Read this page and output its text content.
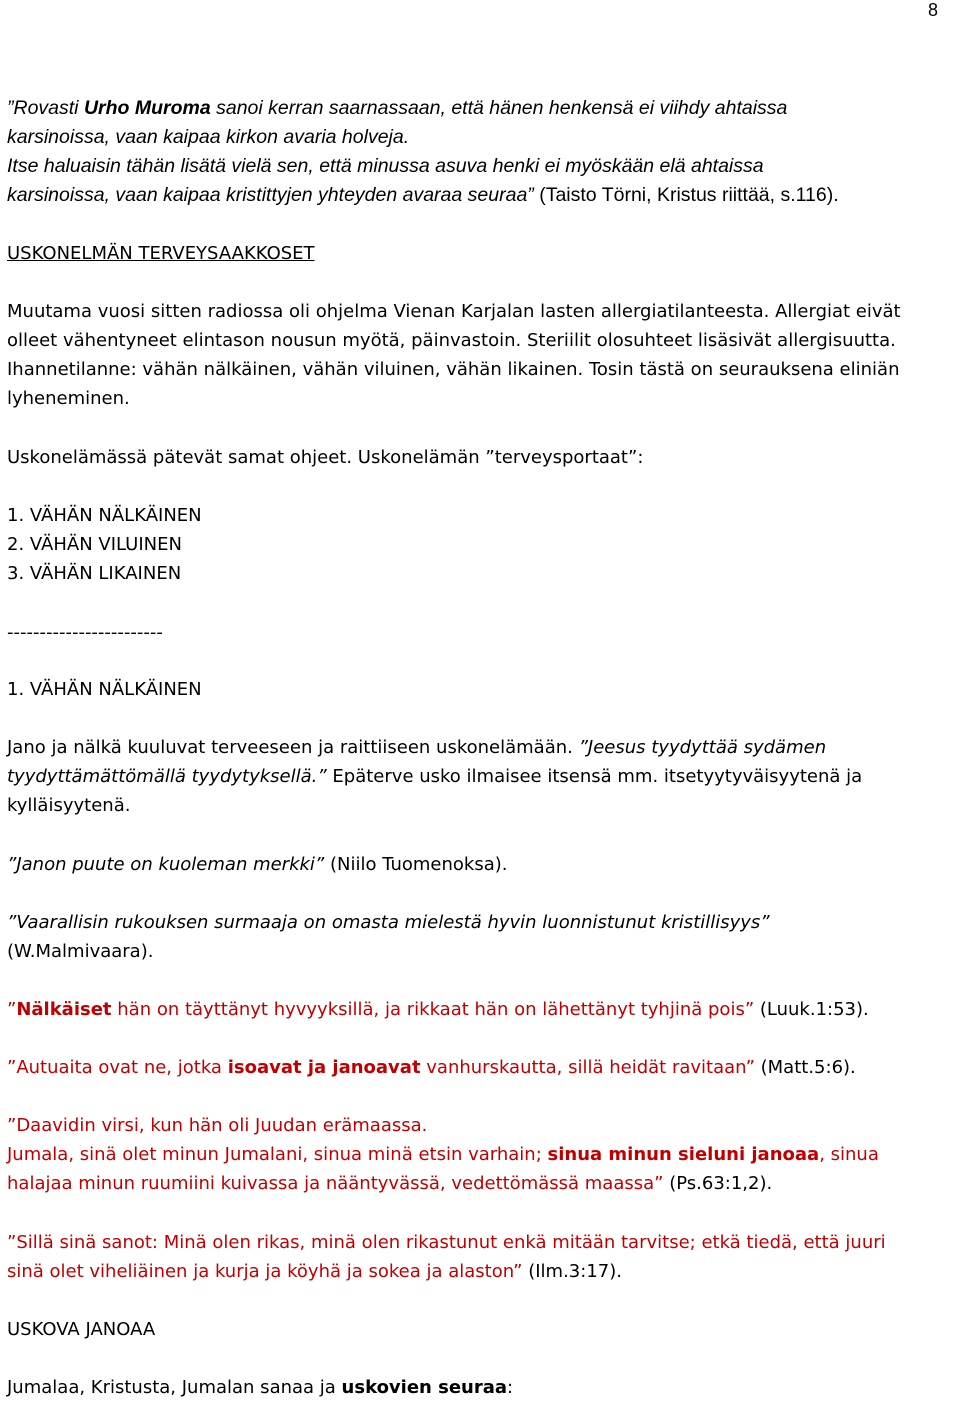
8
”Rovasti Urho Muroma sanoi kerran saarnassaan, että hänen henkensä ei viihdy ahtaissa
karsinoissa, vaan kaipaa kirkon avaria holveja.
Itse haluaisin tähän lisätä vielä sen, että minussa asuva henki ei myöskään elä ahtaissa
karsinoissa, vaan kaipaa kristittyjen yhteyden avaraa seuraa” (Taisto Törni, Kristus riittää, s.116).
USKONELMÄN TERVEYSAAKKOSET
Muutama vuosi sitten radiossa oli ohjelma Vienan Karjalan lasten allergiatilanteesta. Allergiat eivät
olleet vähentyneet elintason nousun myötä, päinvastoin. Steriilit olosuhteet lisäsivät allergisuutta.
Ihannetilanne: vähän nälkäinen, vähän viluinen, vähän likainen. Tosin tästä on seurauksena eliniän
lyheneminen.
Uskonelämässä pätevät samat ohjeet. Uskonelämän ”terveysportaat”:
1. VÄHÄN NÄLKÄINEN
2. VÄHÄN VILUINEN
3. VÄHÄN LIKAINEN
------------------------
1. VÄHÄN NÄLKÄINEN
Jano ja nälkä kuuluvat terveeseen ja raittiiseen uskonelämään. ”Jeesus tyydyttää sydämen
tyydyttämättömällä tyydytyksellä.” Epäterve usko ilmaisee itsensä mm. itsetyytyväisyytenä ja
kylläisyytenä.
”Janon puute on kuoleman merkki” (Niilo Tuomenoksa).
”Vaarallisin rukouksen surmaaja on omasta mielestä hyvin luonnistunut kristillisyys”
(W.Malmivaara).
”Nälkäiset hän on täyttänyt hyvyyksillä, ja rikkaat hän on lähettänyt tyhjinä pois” (Luuk.1:53).
”Autuaita ovat ne, jotka isoavat ja janoavat vanhurskautta, sillä heidät ravitaan” (Matt.5:6).
”Daavidin virsi, kun hän oli Juudan erämaassa.
Jumala, sinä olet minun Jumalani, sinua minä etsin varhain; sinua minun sieluni janoaa, sinua
halajaa minun ruumiini kuivassa ja nääntyvässä, vedettömässä maassa” (Ps.63:1,2).
”Sillä sinä sanot: Minä olen rikas, minä olen rikastunut enkä mitään tarvitse; etkä tiedä, että juuri
sinä olet viheliäinen ja kurja ja köyhä ja sokea ja alaston” (Ilm.3:17).
USKOVA JANOAA
Jumalaa, Kristusta, Jumalan sanaa ja uskovien seuraa:
